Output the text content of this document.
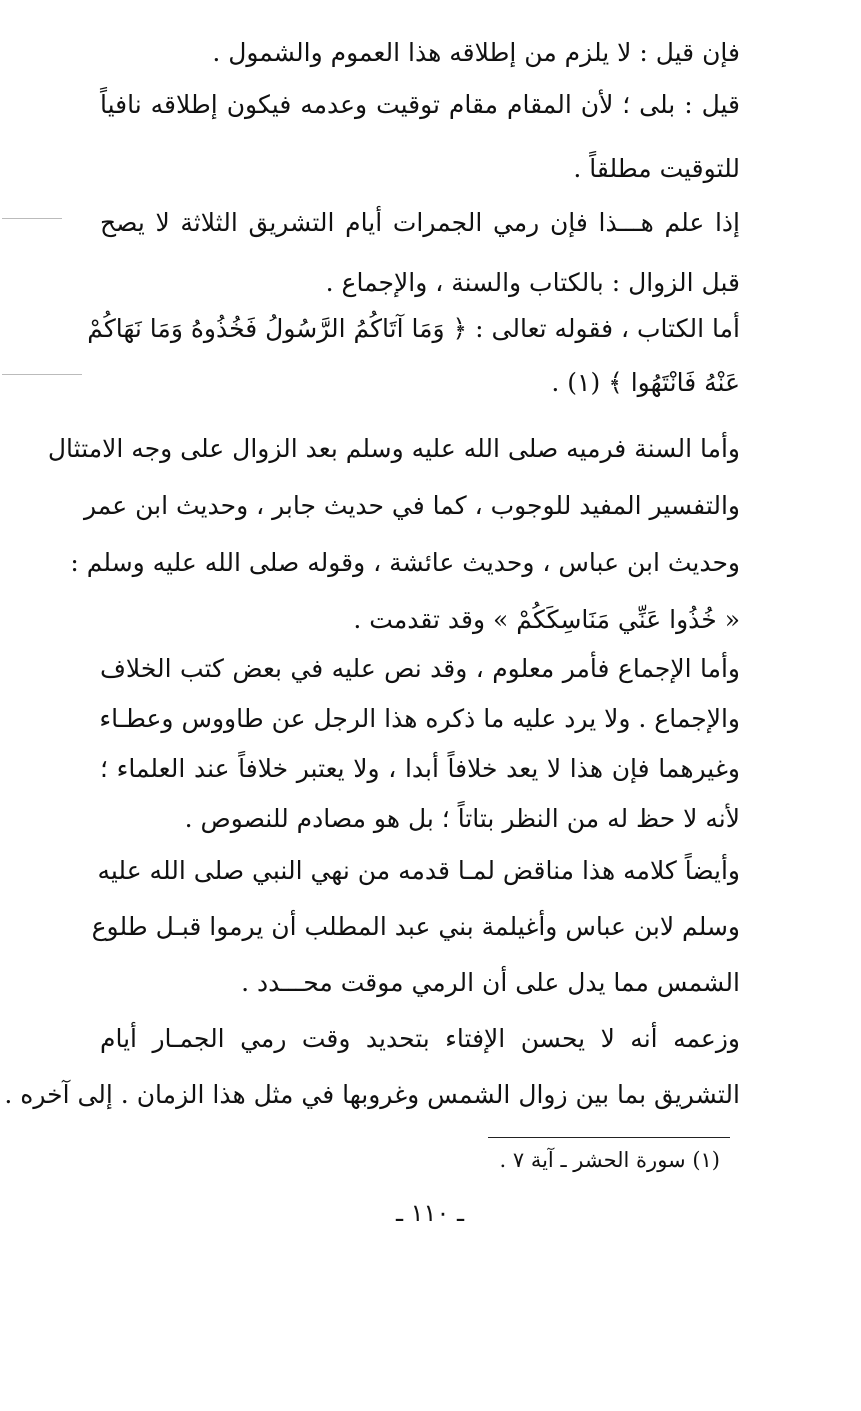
فإن قيل : لا يلزم من إطلاقه هذا العموم والشمول .
قيل : بلى ؛ لأن المقام مقام توقيت وعدمه فيكون إطلاقه نافياً
للتوقيت مطلقاً .
إذا علم هـــذا فإن رمي الجمرات أيام التشريق الثلاثة لا يصح
قبل الزوال : بالكتاب والسنة ، والإجماع .
أما الكتاب ، فقوله تعالى : ﴿ وَمَا آتَاكُمُ الرَّسُولُ فَخُذُوهُ وَمَا نَهَاكُمْ
عَنْهُ فَانْتَهُوا ﴾ (١) .
وأما السنة فرميه صلى الله عليه وسلم بعد الزوال على وجه الامتثال
والتفسير المفيد للوجوب ، كما في حديث جابر ، وحديث ابن عمر
وحديث ابن عباس ، وحديث عائشة ، وقوله صلى الله عليه وسلم :
« خُذُوا عَنِّي مَنَاسِكَكُمْ » وقد تقدمت .
وأما الإجماع فأمر معلوم ، وقد نص عليه في بعض كتب الخلاف
والإجماع . ولا يرد عليه ما ذكره هذا الرجل عن طاووس وعطـاء
وغيرهما فإن هذا لا يعد خلافاً أبدا ، ولا يعتبر خلافاً عند العلماء ؛
لأنه لا حظ له من النظر بتاتاً ؛ بل هو مصادم للنصوص .
وأيضاً كلامه هذا مناقض لمـا قدمه من نهي النبي صلى الله عليه
وسلم لابن عباس وأغيلمة بني عبد المطلب أن يرموا قبـل طلوع
الشمس مما يدل على أن الرمي موقت محـــدد .
وزعمه أنه لا يحسن الإفتاء بتحديد وقت رمي الجمـار أيام
التشريق بما بين زوال الشمس وغروبها في مثل هذا الزمان . إلى آخره .
(١) سورة الحشر ـ آية ٧ .
ـ ١١٠ ـ
